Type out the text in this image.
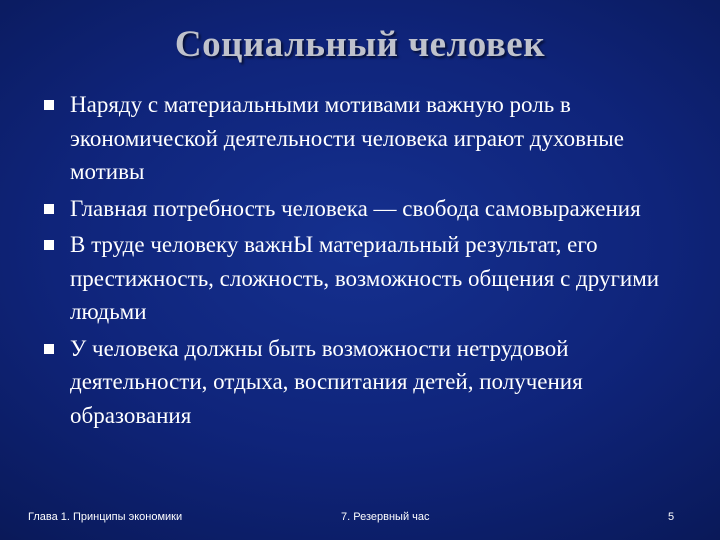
Социальный человек
Наряду с материальными мотивами важную роль в экономической деятельности человека играют духовные мотивы
Главная потребность человека — свобода самовыражения
В труде человеку важнЫ материальный результат, его престижность, сложность, возможность общения с другими людьми
У человека должны быть возможности нетрудовой деятельности, отдыха, воспитания детей, получения образования
Глава 1. Принципы экономики	7. Резервный час	5
